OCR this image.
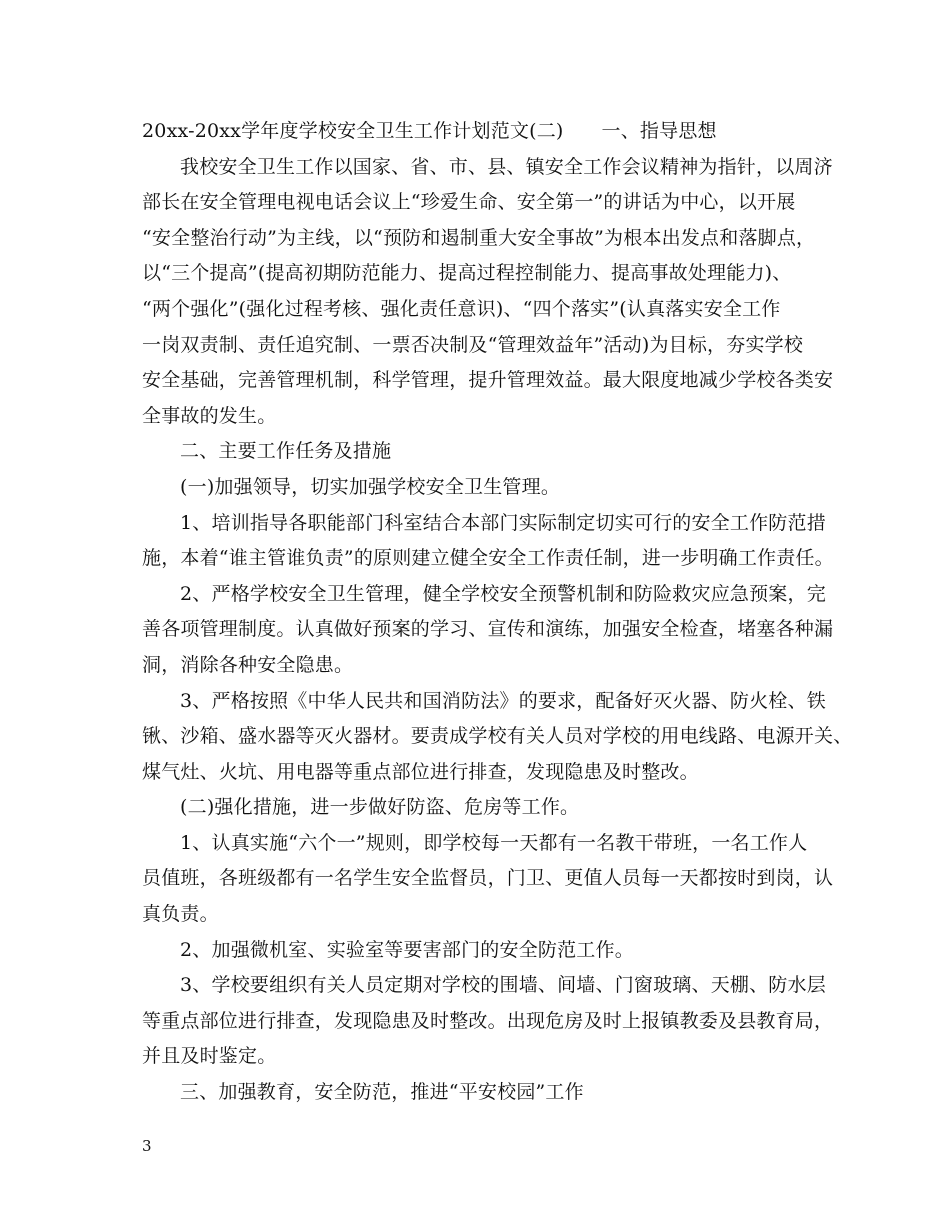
20xx-20xx学年度学校安全卫生工作计划范文(二) 一、指导思想
我校安全卫生工作以国家、省、市、县、镇安全工作会议精神为指针，以周济
部长在安全管理电视电话会议上“珍爱生命、安全第一”的讲话为中心，以开展
“安全整治行动”为主线，以“预防和遏制重大安全事故”为根本出发点和落脚点，
以“三个提高”(提高初期防范能力、提高过程控制能力、提高事故处理能力)、
“两个强化”(强化过程考核、强化责任意识)、“四个落实”(认真落实安全工作
一岗双责制、责任追究制、一票否决制及“管理效益年”活动)为目标，夯实学校
安全基础，完善管理机制，科学管理，提升管理效益。最大限度地减少学校各类安
全事故的发生。
二、主要工作任务及措施
(一)加强领导，切实加强学校安全卫生管理。
1、培训指导各职能部门科室结合本部门实际制定切实可行的安全工作防范措
施，本着“谁主管谁负责”的原则建立健全安全工作责任制，进一步明确工作责任。
2、严格学校安全卫生管理，健全学校安全预警机制和防险救灾应急预案，完
善各项管理制度。认真做好预案的学习、宣传和演练，加强安全检查，堵塞各种漏
洞，消除各种安全隐患。
3、严格按照《中华人民共和国消防法》的要求，配备好灭火器、防火栓、铁
锹、沙箱、盛水器等灭火器材。要责成学校有关人员对学校的用电线路、电源开关、
煤气灶、火坑、用电器等重点部位进行排查，发现隐患及时整改。
(二)强化措施，进一步做好防盗、危房等工作。
1、认真实施“六个一”规则，即学校每一天都有一名教干带班，一名工作人
员值班，各班级都有一名学生安全监督员，门卫、更值人员每一天都按时到岗，认
真负责。
2、加强微机室、实验室等要害部门的安全防范工作。
3、学校要组织有关人员定期对学校的围墙、间墙、门窗玻璃、天棚、防水层
等重点部位进行排查，发现隐患及时整改。出现危房及时上报镇教委及县教育局，
并且及时鉴定。
三、加强教育，安全防范，推进“平安校园”工作
3
